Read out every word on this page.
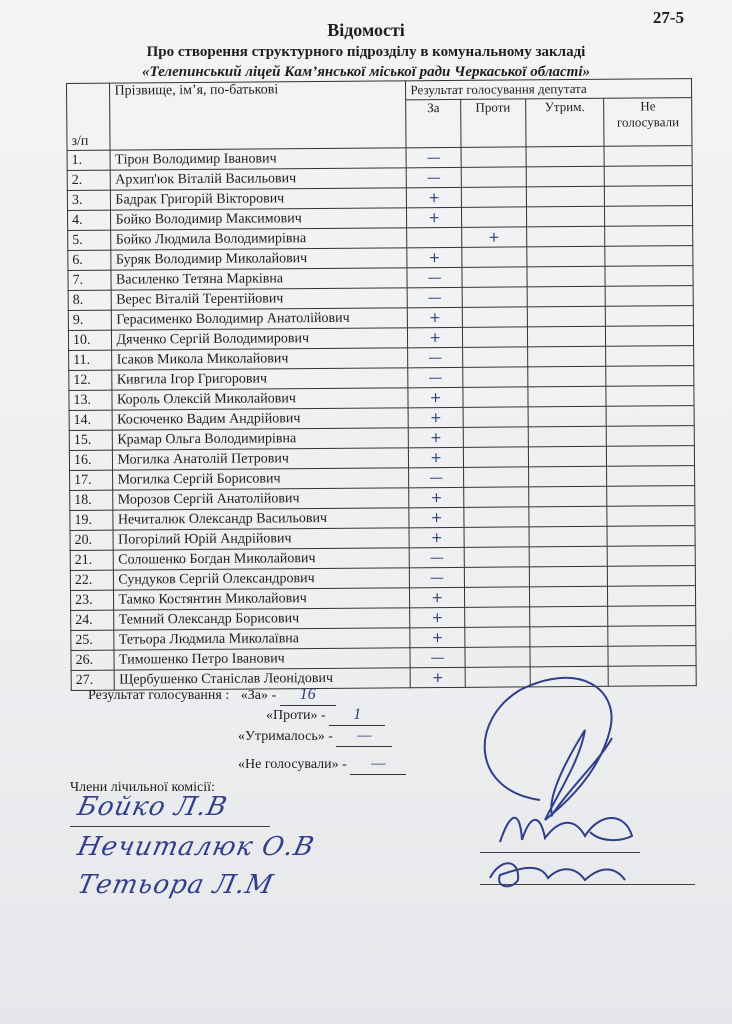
27-5
Відомості
Про створення структурного підрозділу в комунальному закладі
«Телепинський ліцей Кам’янської міської ради Черкаської області»
з/п	Прізвище, ім’я, по-батькові	Результат голосування депутата			
		За	Проти	Утрим.	Не голосували
1.	Тірон Володимир Іванович	—			
2.	Архип'юк Віталій Васильович	—			
3.	Бадрак Григорій Вікторович	+			
4.	Бойко Володимир Максимович	+			
5.	Бойко Людмила Володимирівна		+		
6.	Буряк Володимир Миколайович	+			
7.	Василенко Тетяна Марківна	—			
8.	Верес Віталій Терентійович	—			
9.	Герасименко Володимир Анатолійович	+			
10.	Дяченко Сергій Володимирович	+			
11.	Ісаков Микола Миколайович	—			
12.	Кивгила Ігор Григорович	—			
13.	Король Олексій Миколайович	+			
14.	Косюченко Вадим Андрійович	+			
15.	Крамар Ольга Володимирівна	+			
16.	Могилка Анатолій Петрович	+			
17.	Могилка Сергій Борисович	—			
18.	Морозов Сергій Анатолійович	+			
19.	Нечиталюк Олександр Васильович	+			
20.	Погорілий Юрій Андрійович	+			
21.	Солошенко Богдан Миколайович	—			
22.	Сундуков Сергій Олександрович	—			
23.	Тамко Костянтин Миколайович	+			
24.	Темний Олександр Борисович	+			
25.	Тетьора Людмила Миколаївна	+			
26.	Тимошенко Петро Іванович	—			
27.	Щербушенко Станіслав Леонідович	+			
Результат голосування : «За» - 16
«Проти» - 1
«Утрималось» - —
«Не голосували» - —
Члени лічильної комісії:
Бойко Л.В
Нечиталюк О.В
Тетьора Л.М
